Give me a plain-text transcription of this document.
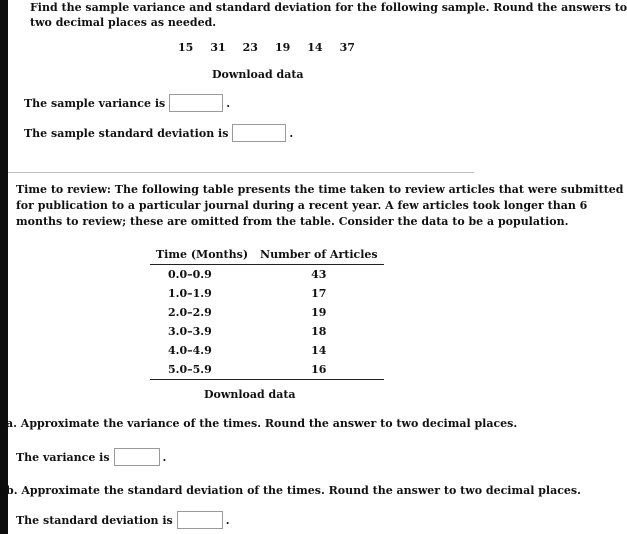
Find the sample variance and standard deviation for the following sample. Round the answers to
two decimal places as needed.
15 31 23 19 14 37
Download data
The sample variance is	.
The sample standard deviation is	.
Time to review: The following table presents the time taken to review articles that were submitted
for publication to a particular journal during a recent year. A few articles took longer than 6
months to review; these are omitted from the table. Consider the data to be a population.
Time (Months)	Number of Articles
0.0–0.9	43
1.0–1.9	17
2.0–2.9	19
3.0–3.9	18
4.0–4.9	14
5.0–5.9	16

Download data
a. Approximate the variance of the times. Round the answer to two decimal places.
The variance is	.
b. Approximate the standard deviation of the times. Round the answer to two decimal places.
The standard deviation is	.
